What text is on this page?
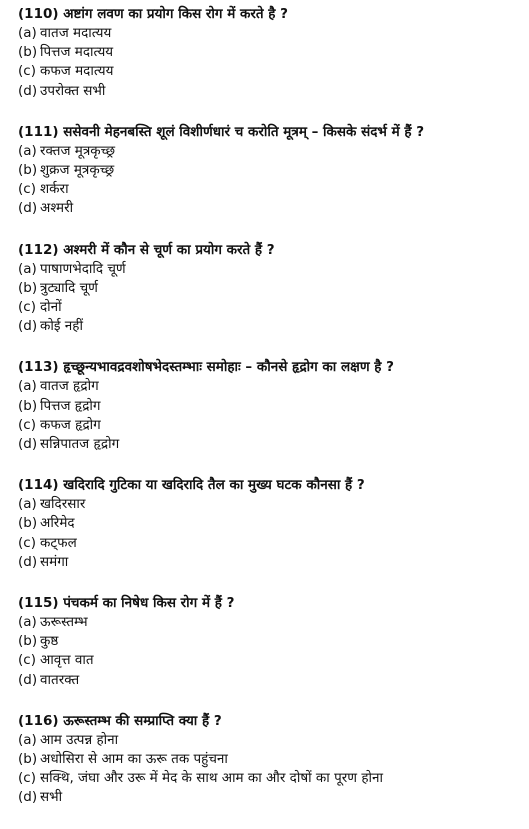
(110) अष्टांग लवण का प्रयोग किस रोग में करते है ?
(a) वातज मदात्यय
(b) पित्तज मदात्यय
(c) कफज मदात्यय
(d) उपरोक्त सभी
(111) ससेवनी मेहनबस्ति शूलं विशीर्णधारं च करोति मूत्रम् – किसके संदर्भ में हैं ?
(a) रक्तज मूत्रकृच्छ्र
(b) शुक्रज मूत्रकृच्छ्र
(c) शर्करा
(d) अश्मरी
(112) अश्मरी में कौन से चूर्ण का प्रयोग करते हैं ?
(a) पाषाणभेदादि चूर्ण
(b) त्रुट्यादि चूर्ण
(c) दोनों
(d) कोई नहीं
(113) हृच्छून्यभावद्रवशोषभेदस्तम्भाः समोहाः – कौनसे हृद्रोग का लक्षण है ?
(a) वातज हृद्रोग
(b) पित्तज हृद्रोग
(c) कफज हृद्रोग
(d) सन्निपातज हृद्रोग
(114) खदिरादि गुटिका या खदिरादि तैल का मुख्य घटक कौनसा हैं ?
(a) खदिरसार
(b) अरिमेद
(c) कट्फल
(d) समंगा
(115) पंचकर्म का निषेध किस रोग में हैं ?
(a) ऊरूस्तम्भ
(b) कुष्ठ
(c) आवृत्त वात
(d) वातरक्त
(116) ऊरूस्तम्भ की सम्प्राप्ति क्या हैं ?
(a) आम उत्पन्न होना
(b) अधोसिरा से आम का ऊरू तक पहुंचना
(c) सक्थि, जंघा और उरू में मेद के साथ आम का और दोषों का पूरण होना
(d) सभी
